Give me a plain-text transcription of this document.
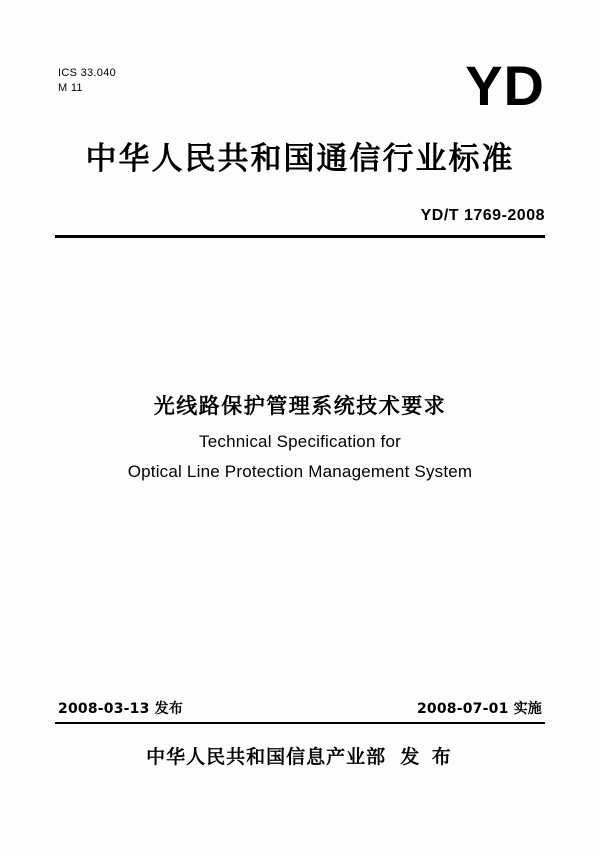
ICS 33.040
M 11	YD
中华人民共和国通信行业标准
YD/T 1769-2008
光线路保护管理系统技术要求
Technical Specification for
Optical Line Protection Management System
2008-03-13 发布	2008-07-01 实施
中华人民共和国信息产业部 发 布
